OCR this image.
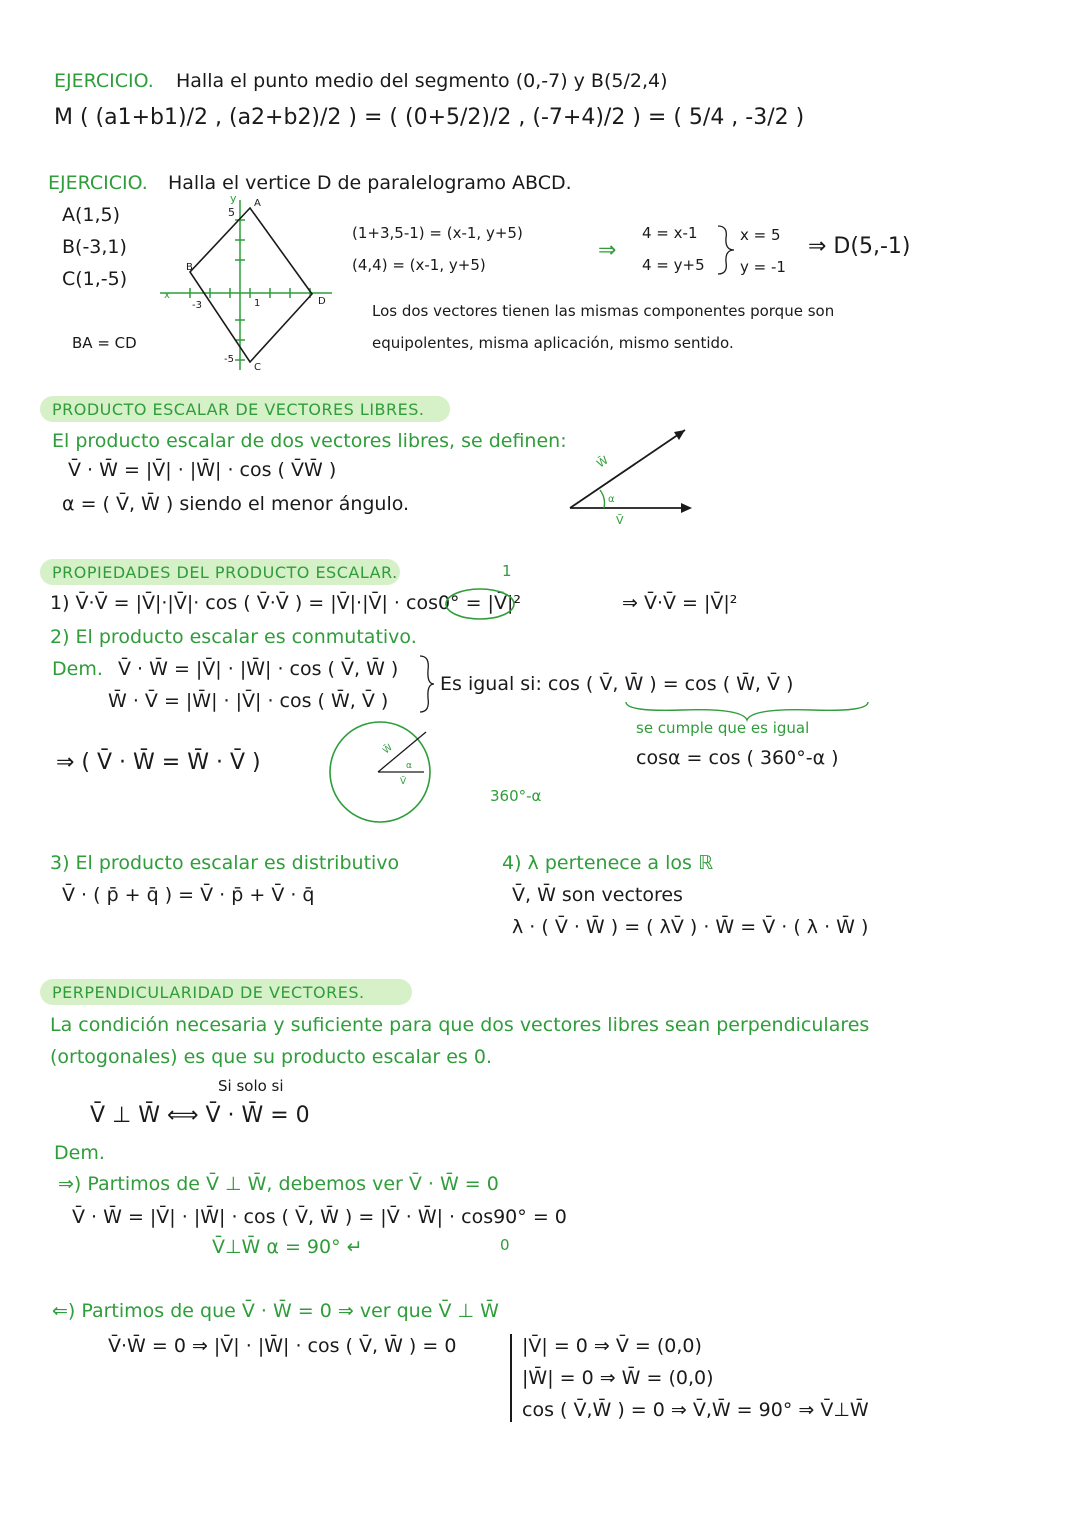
EJERCICIO. Halla el punto medio del segmento (0,-7) y B(5/2,4)
M ( (a1+b1)/2 , (a2+b2)/2 ) = ( (0+5/2)/2 , (-7+4)/2 ) = ( 5/4 , -3/2 )
EJERCICIO. Halla el vertice D de paralelogramo ABCD.
A(1,5)
B(-3,1)
C(1,-5)
BA = CD
y
5
A
B
x
-3	1	D
-5
C
(1+3,5-1) = (x-1, y+5)
(4,4) = (x-1, y+5)
⇒
4 = x-1
4 = y+5
x = 5
y = -1
⇒ D(5,-1)
Los dos vectores tienen las mismas componentes porque son
equipolentes, misma aplicación, mismo sentido.
PRODUCTO ESCALAR DE VECTORES LIBRES.
El producto escalar de dos vectores libres, se definen:
V̄ · W̄ = |V̄| · |W̄| · cos ( V̄W̄ )
α = ( V̄, W̄ ) siendo el menor ángulo.
W̄
α
V̄
PROPIEDADES DEL PRODUCTO ESCALAR.	1
1) V̄·V̄ = |V̄|·|V̄|· cos ( V̄·V̄ ) = |V̄|·|V̄| · cos0° = |V̄|²	⇒ V̄·V̄ = |V̄|²
2) El producto escalar es conmutativo.
Dem. V̄ · W̄ = |V̄| · |W̄| · cos ( V̄, W̄ )
W̄ · V̄ = |W̄| · |V̄| · cos ( W̄, V̄ )
Es igual si: cos ( V̄, W̄ ) = cos ( W̄, V̄ )
se cumple que es igual
cosα = cos ( 360°-α )
⇒ ( V̄ · W̄ = W̄ · V̄ )
W̄
α
V̄
360°-α
3) El producto escalar es distributivo
V̄ · ( p̄ + q̄ ) = V̄ · p̄ + V̄ · q̄
4) λ pertenece a los ℝ
V̄, W̄ son vectores
λ · ( V̄ · W̄ ) = ( λV̄ ) · W̄ = V̄ · ( λ · W̄ )
PERPENDICULARIDAD DE VECTORES.
La condición necesaria y suficiente para que dos vectores libres sean perpendiculares
(ortogonales) es que su producto escalar es 0.
Si solo si
V̄ ⊥ W̄ ⟺ V̄ · W̄ = 0
Dem.
⇒) Partimos de V̄ ⊥ W̄, debemos ver V̄ · W̄ = 0
V̄ · W̄ = |V̄| · |W̄| · cos ( V̄, W̄ ) = |V̄ · W̄| · cos90° = 0
V̄⊥W̄ α = 90° ↵	0
⇐) Partimos de que V̄ · W̄ = 0 ⇒ ver que V̄ ⊥ W̄
V̄·W̄ = 0 ⇒ |V̄| · |W̄| · cos ( V̄, W̄ ) = 0	|V̄| = 0 ⇒ V̄ = (0,0)
|W̄| = 0 ⇒ W̄ = (0,0)
cos ( V̄,W̄ ) = 0 ⇒ V̄,W̄ = 90° ⇒ V̄⊥W̄
